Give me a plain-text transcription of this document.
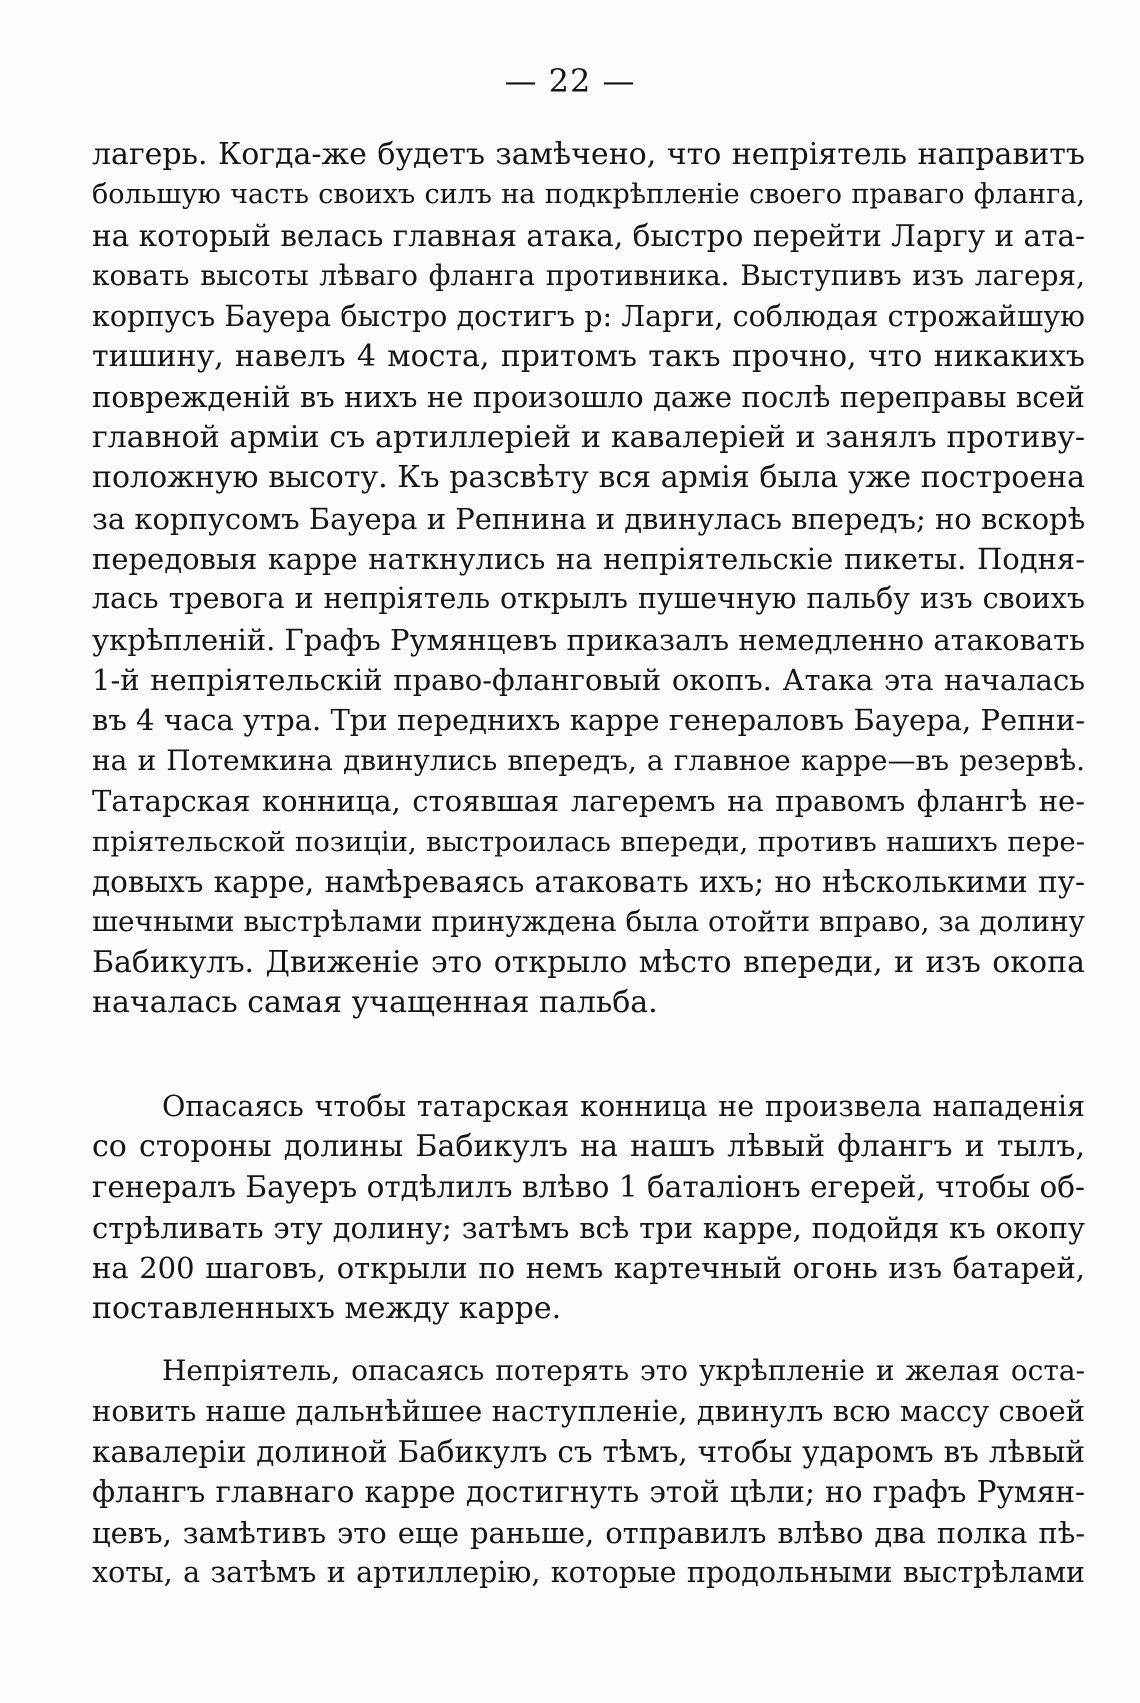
— 22 —
лагерь. Когда-же будетъ замѣчено, что непріятель направитъ
большую часть своихъ силъ на подкрѣпленіе своего праваго фланга,
на который велась главная атака, быстро перейти Ларгу и ата-
ковать высоты лѣваго фланга противника. Выступивъ изъ лагеря,
корпусъ Бауера быстро достигъ р: Ларги, соблюдая строжайшую
тишину, навелъ 4 моста, притомъ такъ прочно, что никакихъ
поврежденій въ нихъ не произошло даже послѣ переправы всей
главной арміи съ артиллеріей и кавалеріей и занялъ противу-
положную высоту. Къ разсвѣту вся армія была уже построена
за корпусомъ Бауера и Репнина и двинулась впередъ; но вскорѣ
передовыя карре наткнулись на непріятельскіе пикеты. Подня-
лась тревога и непріятель открылъ пушечную пальбу изъ своихъ
укрѣпленій. Графъ Румянцевъ приказалъ немедленно атаковать
1-й непріятельскій право-фланговый окопъ. Атака эта началась
въ 4 часа утра. Три переднихъ карре генераловъ Бауера, Репни-
на и Потемкина двинулись впередъ, а главное карре—въ резервѣ.
Татарская конница, стоявшая лагеремъ на правомъ флангѣ не-
пріятельской позиціи, выстроилась впереди, противъ нашихъ пере-
довыхъ карре, намѣреваясь атаковать ихъ; но нѣсколькими пу-
шечными выстрѣлами принуждена была отойти вправо, за долину
Бабикулъ. Движеніе это открыло мѣсто впереди, и изъ окопа
началась самая учащенная пальба.
Опасаясь чтобы татарская конница не произвела нападенія
со стороны долины Бабикулъ на нашъ лѣвый флангъ и тылъ,
генералъ Бауеръ отдѣлилъ влѣво 1 баталіонъ егерей, чтобы об-
стрѣливать эту долину; затѣмъ всѣ три карре, подойдя къ окопу
на 200 шаговъ, открыли по немъ картечный огонь изъ батарей,
поставленныхъ между карре.
Непріятель, опасаясь потерять это укрѣпленіе и желая оста-
новить наше дальнѣйшее наступленіе, двинулъ всю массу своей
кавалеріи долиной Бабикулъ съ тѣмъ, чтобы ударомъ въ лѣвый
флангъ главнаго карре достигнуть этой цѣли; но графъ Румян-
цевъ, замѣтивъ это еще раньше, отправилъ влѣво два полка пѣ-
хоты, а затѣмъ и артиллерію, которые продольными выстрѣлами
